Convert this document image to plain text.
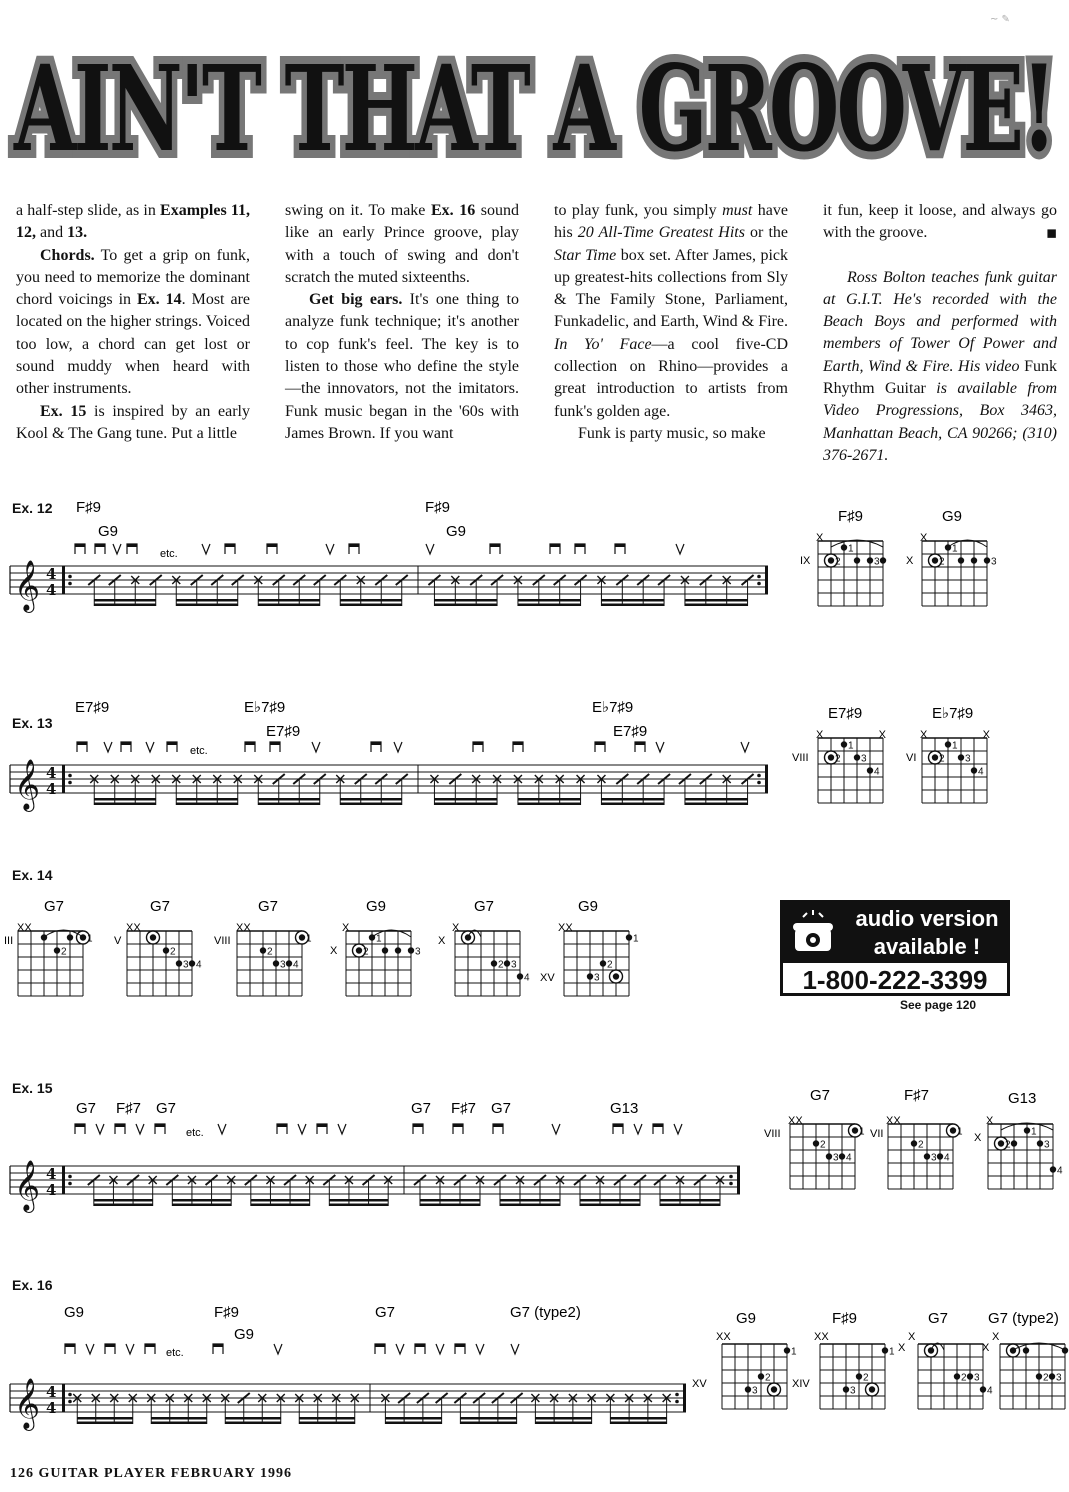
AIN'T THAT A GROOVE!
~ ✎

a half-step slide, as in Examples 11, 12, and 13.

Chords. To get a grip on funk, you need to memorize the dominant chord voicings in Ex. 14. Most are located on the higher strings. Voiced too low, a chord can get lost or sound muddy when heard with other instruments.

Ex. 15 is inspired by an early Kool & The Gang tune. Put a little

swing on it. To make Ex. 16 sound like an early Prince groove, play with a touch of swing and don't scratch the muted sixteenths.

Get big ears. It's one thing to analyze funk technique; it's another to cop funk's feel. The key is to listen to those who define the style—the innovators, not the imitators. Funk music began in the '60s with James Brown. If you want

to play funk, you simply must have his 20 All-Time Greatest Hits or the Star Time box set. After James, pick up greatest-hits collections from Sly & The Family Stone, Parliament, Funkadelic, and Earth, Wind & Fire. In Yo' Face—a cool five-CD collection on Rhino—provides a great introduction to artists from funk's golden age.

Funk is party music, so make

it fun, keep it loose, and always go with the groove.	◼

Ross Bolton teaches funk guitar at G.I.T. He's recorded with the Beach Boys and performed with members of Tower Of Power and Earth, Wind & Fire. His video Funk Rhythm Guitar is available from Video Progressions, Box 3463, Manhattan Beach, CA 90266; (310) 376-2671.

Ex. 12
Ex. 13
Ex. 14
Ex. 15
Ex. 16
F♯9
G9
F♯9
G9
etc.
𝄞 4
4
E7♯9	E♭7♯9
E7♯9
E♭7♯9
E7♯9
etc.
𝄞 4
4
G7 F♯7 G7	G7 F♯7 G7	G13
etc.
𝄞 4
4
G9	F♯9
G9
G7	G7 (type2)
etc.
𝄞 4
4
F♯9
IX
X
2
1
3
G9
X
X
2
1
3
E7♯9
VIII
X X
2
1
3
4
E♭7♯9
VI
X X
2
1
3
4
G7
III
XX
2
1
G7
V
XX
2
3 4
G7
VIII
XX
2
3 4
1
G9
X
X
2
1
3
G7
X
X
2 3
4
G9
XV
XX
3
2
1
G7
VIII
XX
2
3 4
1
F♯7
VII
XX
2
3 4
1
G13
X
X
2
1
3
4
G9
XV
XX
3
2
1
F♯9
XIV
XX
3
2
1
G7
X
X
2 3
4
G7 (type2)
X
X
2 3
audio version
available !
1-800-222-3399
See page 120
126 GUITAR PLAYER FEBRUARY 1996
